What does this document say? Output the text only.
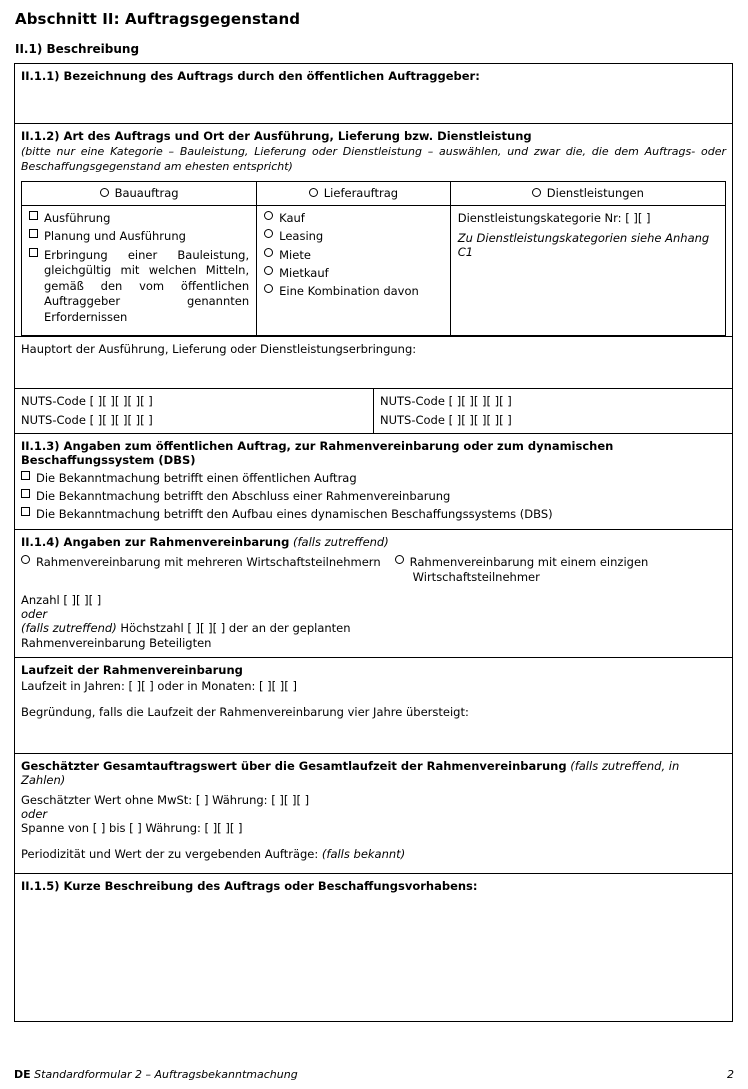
Abschnitt II: Auftragsgegenstand
II.1) Beschreibung
II.1.1) Bezeichnung des Auftrags durch den öffentlichen Auftraggeber:
II.1.2) Art des Auftrags und Ort der Ausführung, Lieferung bzw. Dienstleistung
(bitte nur eine Kategorie – Bauleistung, Lieferung oder Dienstleistung – auswählen, und zwar die, die dem Auftrags- oder Beschaffungsgegenstand am ehesten entspricht)
Bauauftrag	Lieferauftrag	Dienstleistungen

Ausführung
Planung und Ausführung
Erbringung einer Bauleistung, gleichgültig mit welchen Mitteln, gemäß den vom öffentlichen Auftraggeber genannten Erfordernissen

Kauf
Leasing
Miete
Mietkauf
Eine Kombination davon

Dienstleistungskategorie Nr: [ ][ ]
Zu Dienstleistungskategorien siehe Anhang C1
Hauptort der Ausführung, Lieferung oder Dienstleistungserbringung:
NUTS-Code [ ][ ][ ][ ][ ]
NUTS-Code [ ][ ][ ][ ][ ]

NUTS-Code [ ][ ][ ][ ][ ]
NUTS-Code [ ][ ][ ][ ][ ]
II.1.3) Angaben zum öffentlichen Auftrag, zur Rahmenvereinbarung oder zum dynamischen Beschaffungssystem (DBS)
Die Bekanntmachung betrifft einen öffentlichen Auftrag
Die Bekanntmachung betrifft den Abschluss einer Rahmenvereinbarung
Die Bekanntmachung betrifft den Aufbau eines dynamischen Beschaffungssystems (DBS)
II.1.4) Angaben zur Rahmenvereinbarung (falls zutreffend)
Rahmenvereinbarung mit mehreren Wirtschaftsteilnehmern	Rahmenvereinbarung mit einem einzigen
Wirtschaftsteilnehmer
Anzahl [ ][ ][ ]
oder
(falls zutreffend) Höchstzahl [ ][ ][ ] der an der geplanten
Rahmenvereinbarung Beteiligten
Laufzeit der Rahmenvereinbarung
Laufzeit in Jahren: [ ][ ] oder in Monaten: [ ][ ][ ]
Begründung, falls die Laufzeit der Rahmenvereinbarung vier Jahre übersteigt:
Geschätzter Gesamtauftragswert über die Gesamtlaufzeit der Rahmenvereinbarung (falls zutreffend, in Zahlen)
Geschätzter Wert ohne MwSt: [ ] Währung: [ ][ ][ ]
oder
Spanne von [ ] bis [ ] Währung: [ ][ ][ ]
Periodizität und Wert der zu vergebenden Aufträge: (falls bekannt)
II.1.5) Kurze Beschreibung des Auftrags oder Beschaffungsvorhabens:
DE Standardformular 2 – Auftragsbekanntmachung	2
